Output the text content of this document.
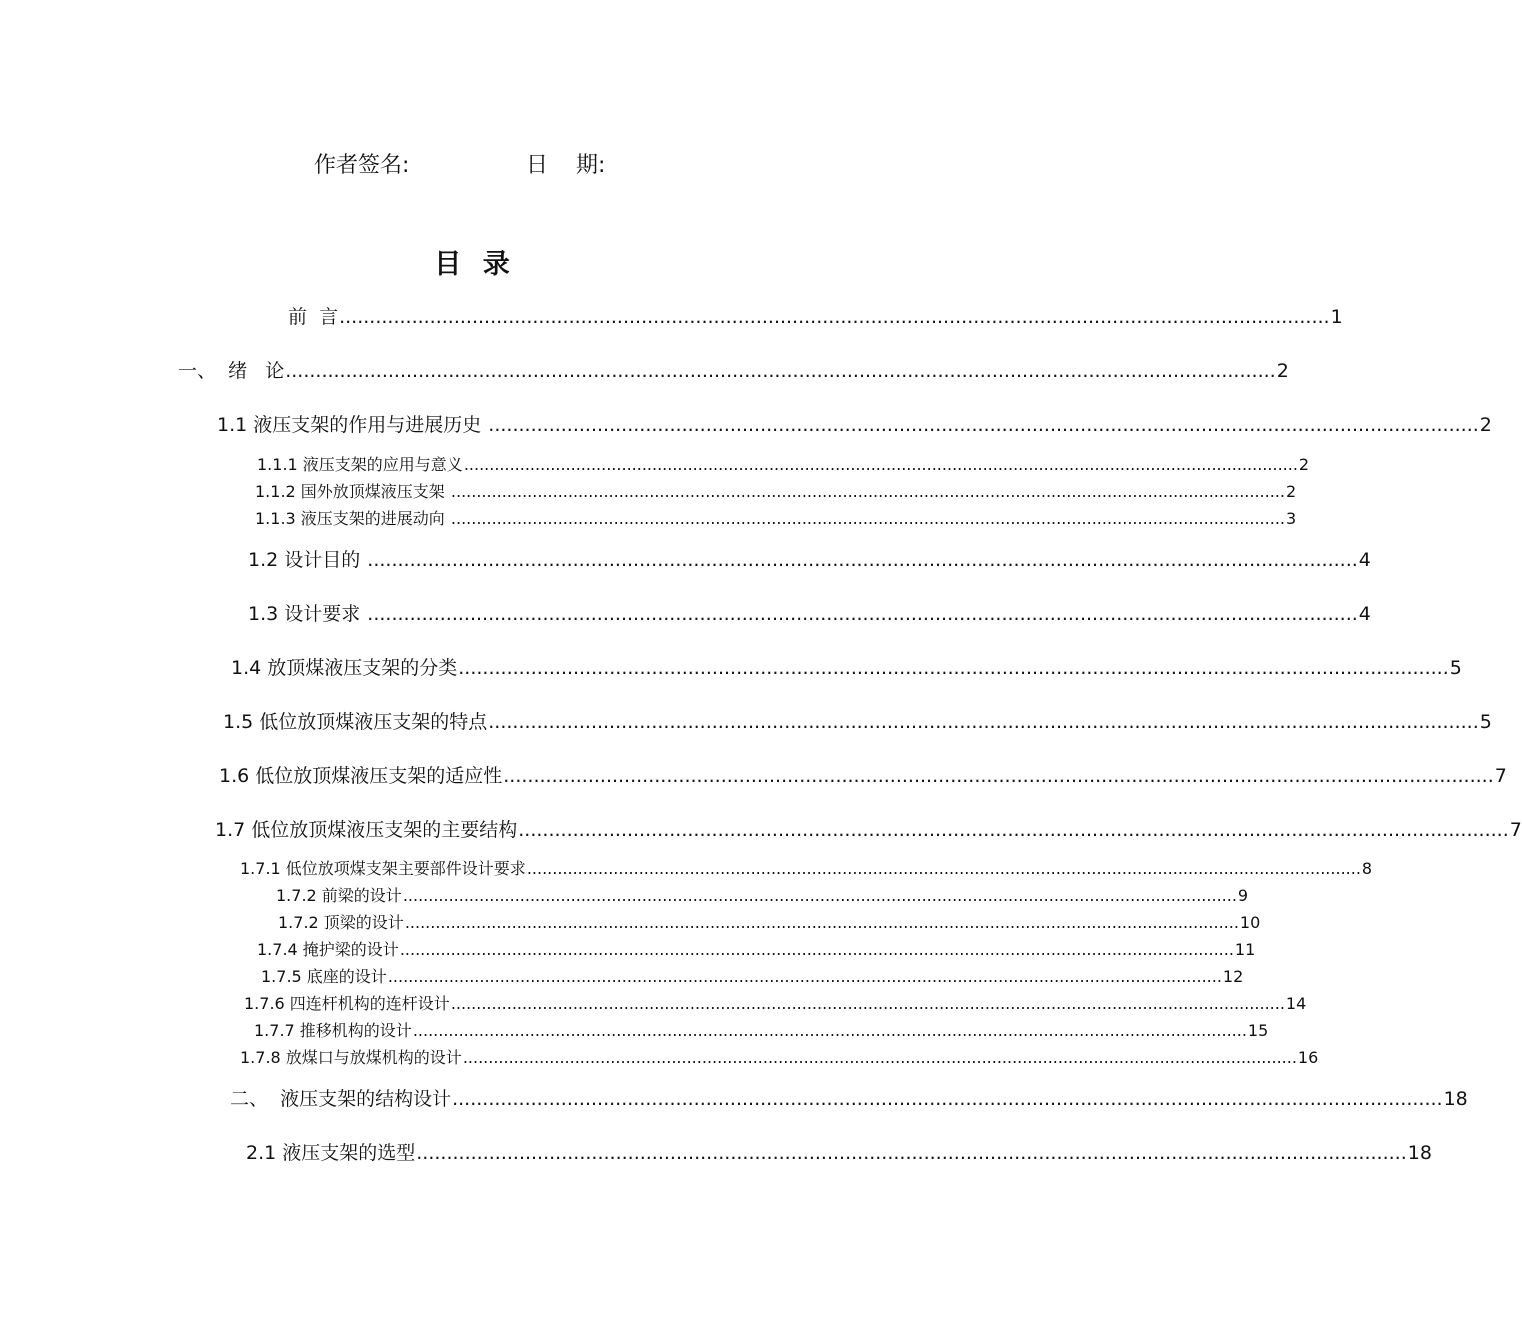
作者签名:	日    期:
目 录
前  言 .................................................................................................................................................................... 1
一、  绪   论 .................................................................................................................................................................... 2
1.1 液压支架的作用与进展历史 .................................................................................................................................................................... 2
1.1.1 液压支架的应用与意义 .................................................................................................................................................................... 2
1.1.2 国外放顶煤液压支架 .................................................................................................................................................................... 2
1.1.3 液压支架的进展动向 .................................................................................................................................................................... 3
1.2 设计目的 .................................................................................................................................................................... 4
1.3 设计要求 .................................................................................................................................................................... 4
1.4 放顶煤液压支架的分类 .................................................................................................................................................................... 5
1.5 低位放顶煤液压支架的特点 .................................................................................................................................................................... 5
1.6 低位放顶煤液压支架的适应性 .................................................................................................................................................................... 7
1.7 低位放顶煤液压支架的主要结构 .................................................................................................................................................................... 7
1.7.1 低位放项煤支架主要部件设计要求 .................................................................................................................................................................... 8
1.7.2 前梁的设计 .................................................................................................................................................................... 9
1.7.2 顶梁的设计 .................................................................................................................................................................... 10
1.7.4 掩护梁的设计 .................................................................................................................................................................... 11
1.7.5 底座的设计 .................................................................................................................................................................... 12
1.7.6 四连杆机构的连杆设计 .................................................................................................................................................................... 14
1.7.7 推移机构的设计 .................................................................................................................................................................... 15
1.7.8 放煤口与放煤机构的设计 .................................................................................................................................................................... 16
二、  液压支架的结构设计 .................................................................................................................................................................... 18
2.1 液压支架的选型 .................................................................................................................................................................... 18
